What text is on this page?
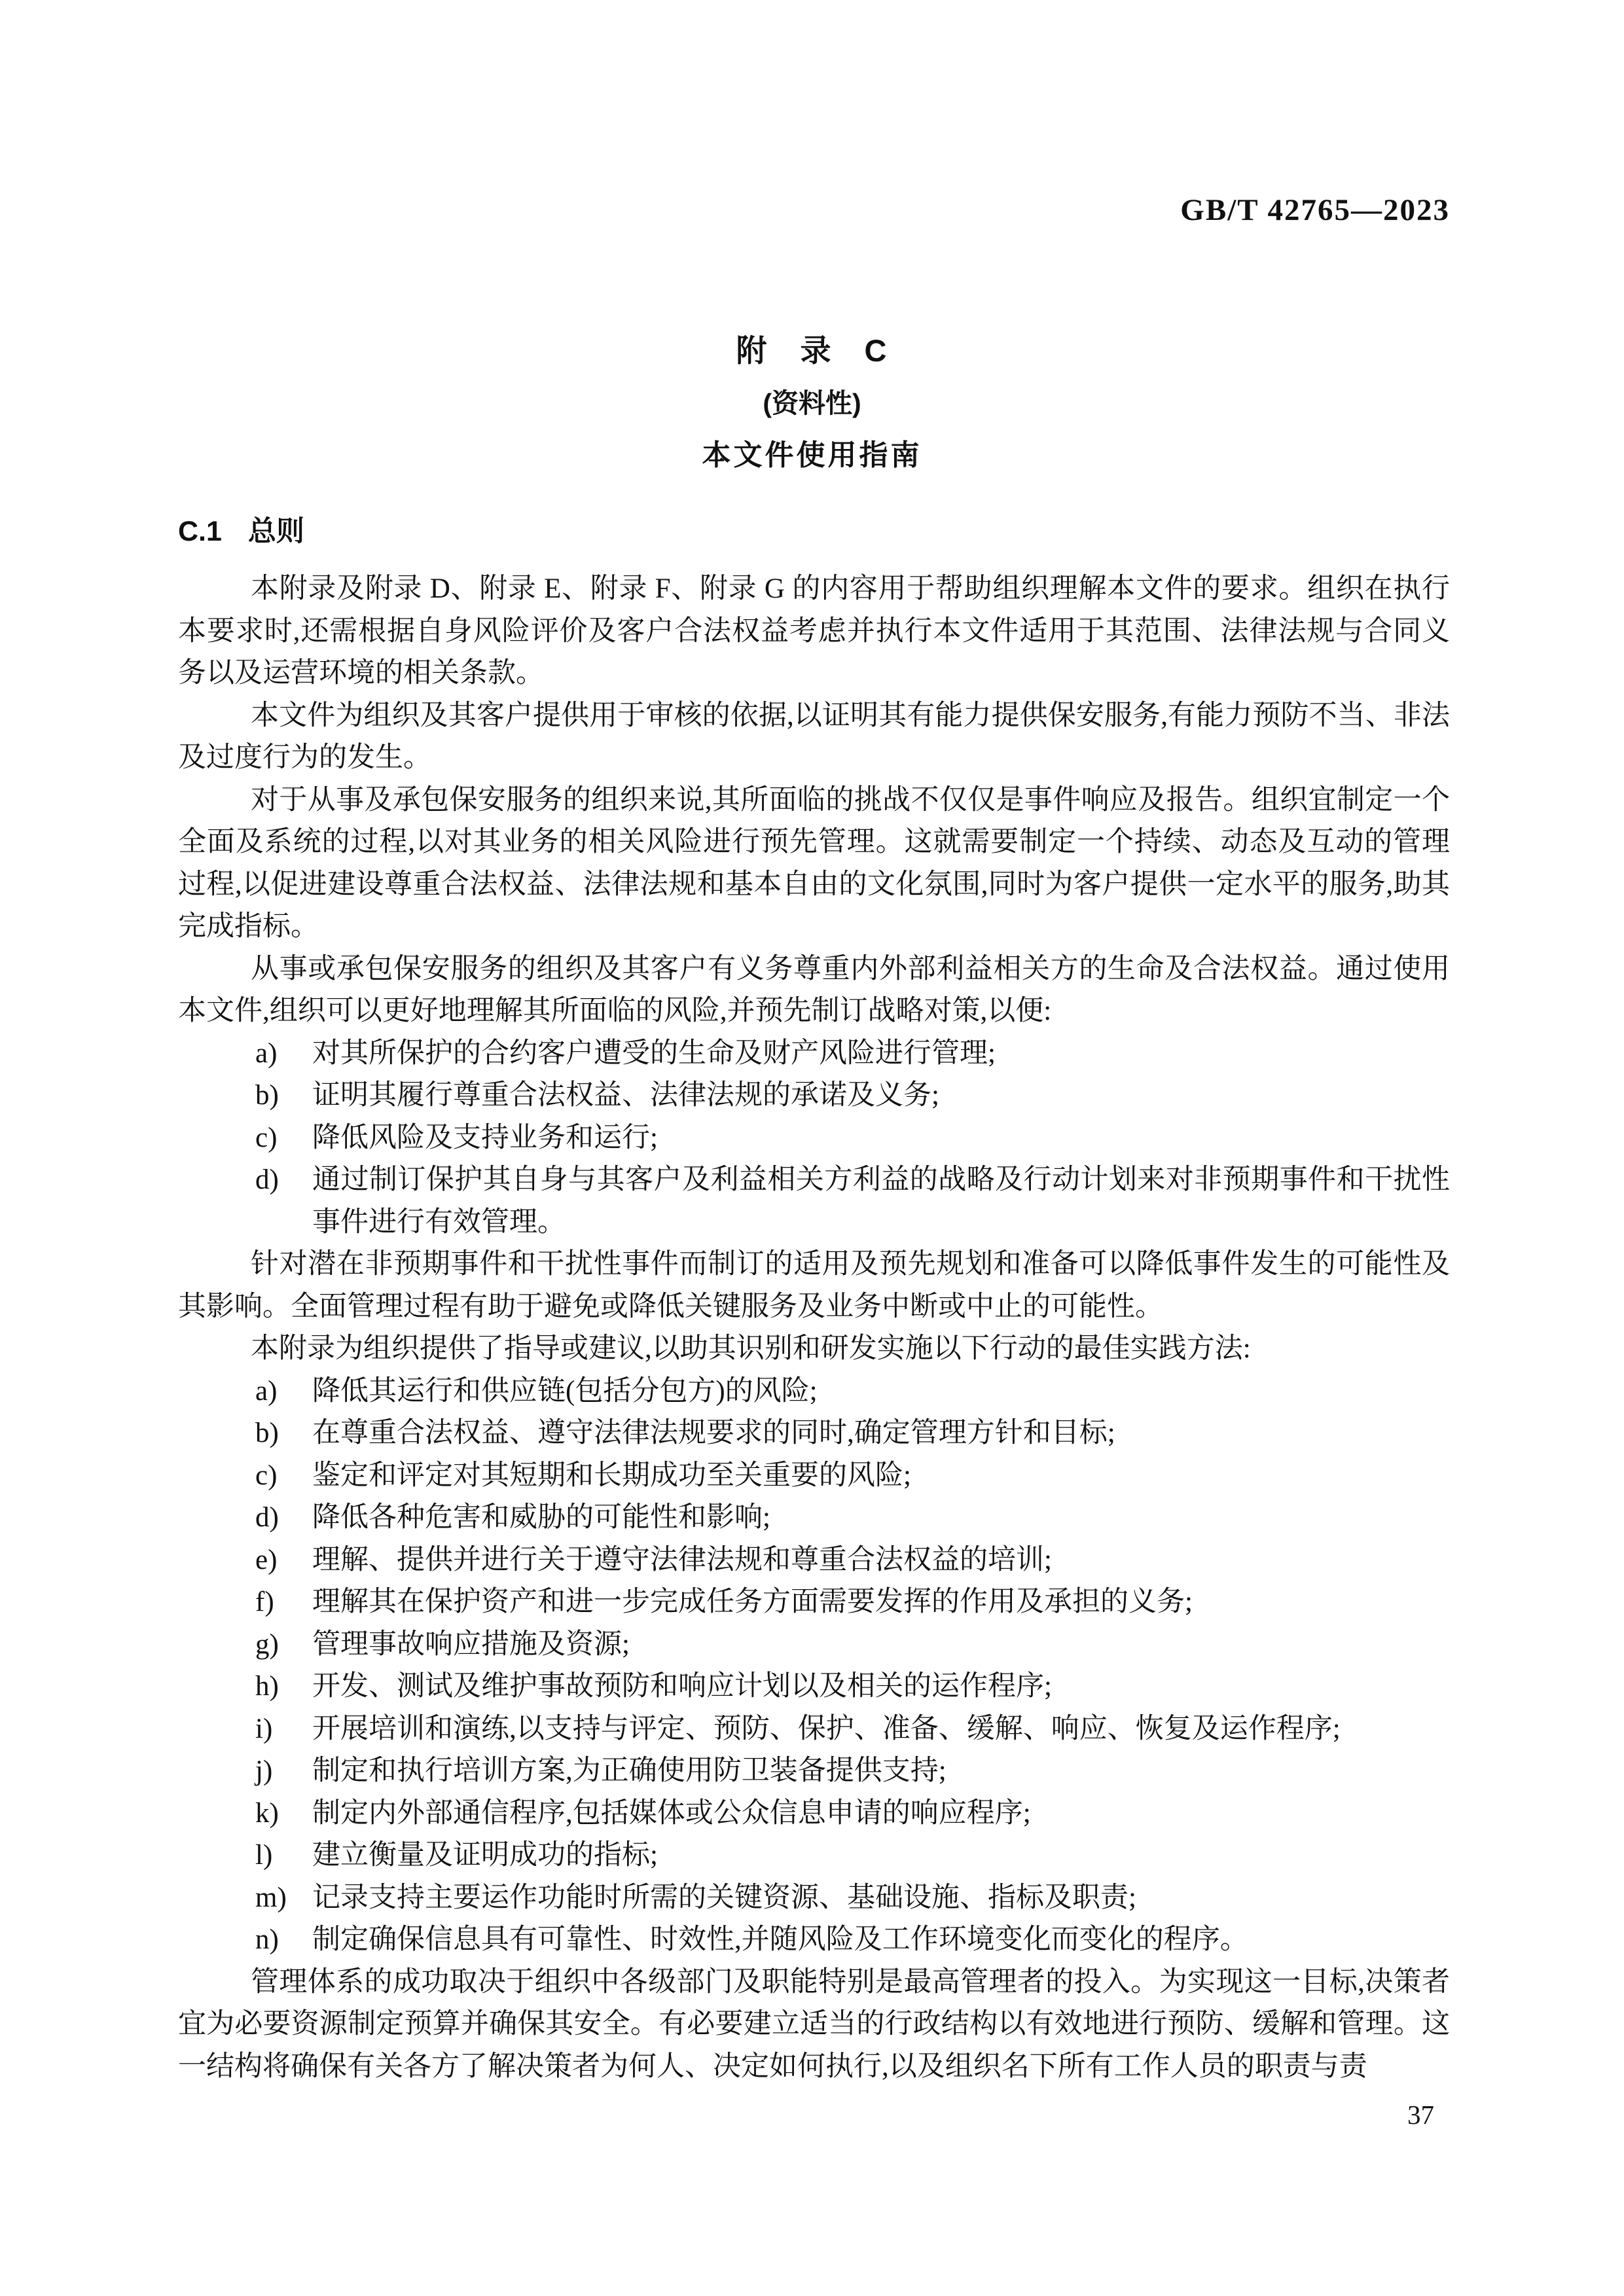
GB/T 42765—2023
附　录　C
(资料性)
本文件使用指南
C.1 总则

本附录及附录 D、附录 E、附录 F、附录 G 的内容用于帮助组织理解本文件的要求。组织在执行本要求时,还需根据自身风险评价及客户合法权益考虑并执行本文件适用于其范围、法律法规与合同义务以及运营环境的相关条款。

本文件为组织及其客户提供用于审核的依据,以证明其有能力提供保安服务,有能力预防不当、非法及过度行为的发生。

对于从事及承包保安服务的组织来说,其所面临的挑战不仅仅是事件响应及报告。组织宜制定一个全面及系统的过程,以对其业务的相关风险进行预先管理。这就需要制定一个持续、动态及互动的管理过程,以促进建设尊重合法权益、法律法规和基本自由的文化氛围,同时为客户提供一定水平的服务,助其完成指标。

从事或承包保安服务的组织及其客户有义务尊重内外部利益相关方的生命及合法权益。通过使用本文件,组织可以更好地理解其所面临的风险,并预先制订战略对策,以便:

a) 对其所保护的合约客户遭受的生命及财产风险进行管理;
b) 证明其履行尊重合法权益、法律法规的承诺及义务;
c) 降低风险及支持业务和运行;
d) 通过制订保护其自身与其客户及利益相关方利益的战略及行动计划来对非预期事件和干扰性事件进行有效管理。

针对潜在非预期事件和干扰性事件而制订的适用及预先规划和准备可以降低事件发生的可能性及其影响。全面管理过程有助于避免或降低关键服务及业务中断或中止的可能性。

本附录为组织提供了指导或建议,以助其识别和研发实施以下行动的最佳实践方法:

a) 降低其运行和供应链(包括分包方)的风险;
b) 在尊重合法权益、遵守法律法规要求的同时,确定管理方针和目标;
c) 鉴定和评定对其短期和长期成功至关重要的风险;
d) 降低各种危害和威胁的可能性和影响;
e) 理解、提供并进行关于遵守法律法规和尊重合法权益的培训;
f) 理解其在保护资产和进一步完成任务方面需要发挥的作用及承担的义务;
g) 管理事故响应措施及资源;
h) 开发、测试及维护事故预防和响应计划以及相关的运作程序;
i) 开展培训和演练,以支持与评定、预防、保护、准备、缓解、响应、恢复及运作程序;
j) 制定和执行培训方案,为正确使用防卫装备提供支持;
k) 制定内外部通信程序,包括媒体或公众信息申请的响应程序;
l) 建立衡量及证明成功的指标;
m) 记录支持主要运作功能时所需的关键资源、基础设施、指标及职责;
n) 制定确保信息具有可靠性、时效性,并随风险及工作环境变化而变化的程序。

管理体系的成功取决于组织中各级部门及职能特别是最高管理者的投入。为实现这一目标,决策者宜为必要资源制定预算并确保其安全。有必要建立适当的行政结构以有效地进行预防、缓解和管理。这一结构将确保有关各方了解决策者为何人、决定如何执行,以及组织名下所有工作人员的职责与责

37
